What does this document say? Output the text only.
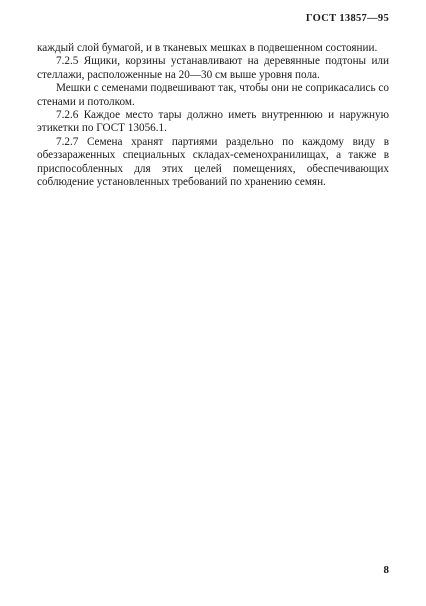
ГОСТ 13857—95

каждый слой бумагой, и в тканевых мешках в подвешенном состоянии.

7.2.5 Ящики, корзины устанавливают на деревянные подтоны или стеллажи, расположенные на 20—30 см выше уровня пола.

Мешки с семенами подвешивают так, чтобы они не соприкасались со стенами и потолком.

7.2.6 Каждое место тары должно иметь внутреннюю и наружную этикетки по ГОСТ 13056.1.

7.2.7 Семена хранят партиями раздельно по каждому виду в обеззараженных специальных складах-семенохранилищах, а также в приспособленных для этих целей помещениях, обеспечивающих соблюдение установленных требований по хранению семян.

8
